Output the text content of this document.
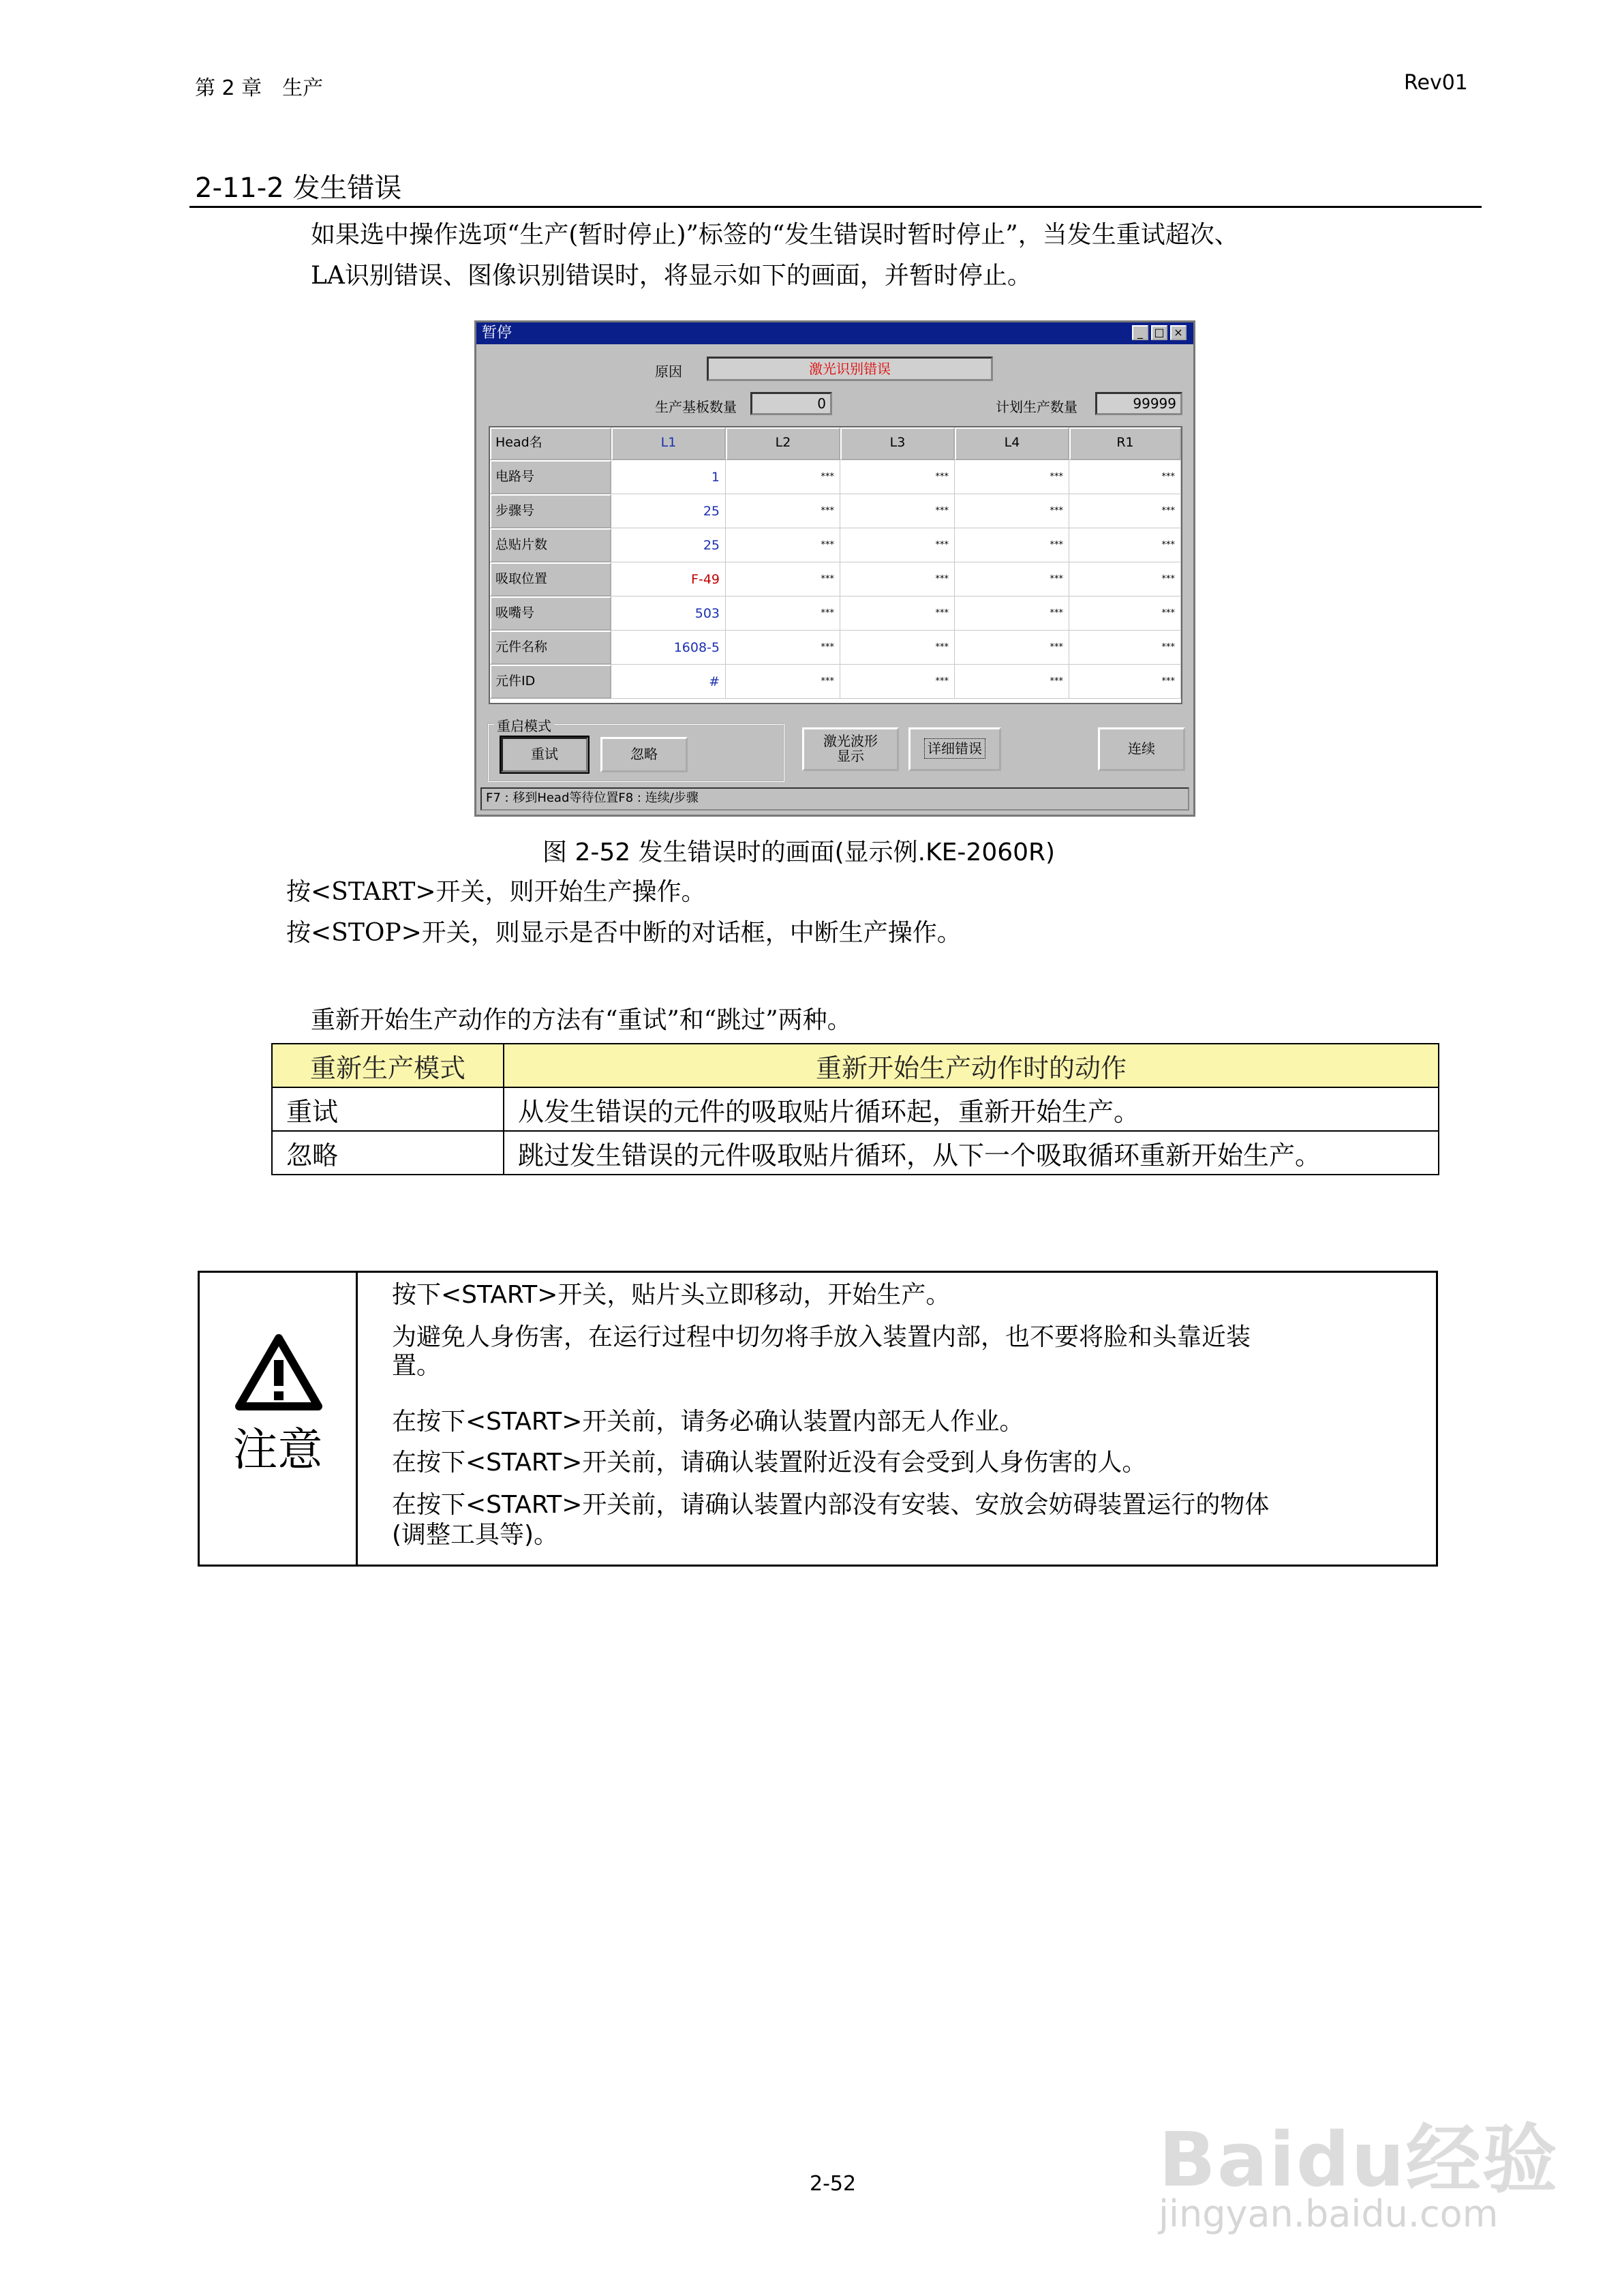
第 2 章　生产	Rev01
2-11-2 发生错误
如果选中操作选项“生产(暂时停止)”标签的“发生错误时暂时停止”，当发生重试超次、
LA识别错误、图像识别错误时，将显示如下的画面，并暂时停止。
暂停	_	□ ×
原因	激光识别错误
生产基板数量	0	计划生产数量	99999
Head名	L1	L2	L3	L4	R1
电路号	1	***	***	***	***
步骤号	25	***	***	***	***
总贴片数	25	***	***	***	***
吸取位置	F-49	***	***	***	***
吸嘴号	503	***	***	***	***
元件名称	1608-5	***	***	***	***
元件ID	#	***	***	***	***
重启模式
重试	忽略
激光波形
显示	详细错误	连续
F7 : 移到Head等待位置F8 : 连续/步骤
图 2-52 发生错误时的画面(显示例.KE-2060R)
按<START>开关，则开始生产操作。
按<STOP>开关，则显示是否中断的对话框，中断生产操作。
重新开始生产动作的方法有“重试”和“跳过”两种。
重新生产模式	重新开始生产动作时的动作
重试	从发生错误的元件的吸取贴片循环起，重新开始生产。
忽略	跳过发生错误的元件吸取贴片循环，从下一个吸取循环重新开始生产。
注意
按下<START>开关，贴片头立即移动，开始生产。
为避免人身伤害，在运行过程中切勿将手放入装置内部，也不要将脸和头靠近装
置。
在按下<START>开关前，请务必确认装置内部无人作业。
在按下<START>开关前，请确认装置附近没有会受到人身伤害的人。
在按下<START>开关前，请确认装置内部没有安装、安放会妨碍装置运行的物体
(调整工具等)。
2-52	Baidu经验
jingyan.baidu.com
